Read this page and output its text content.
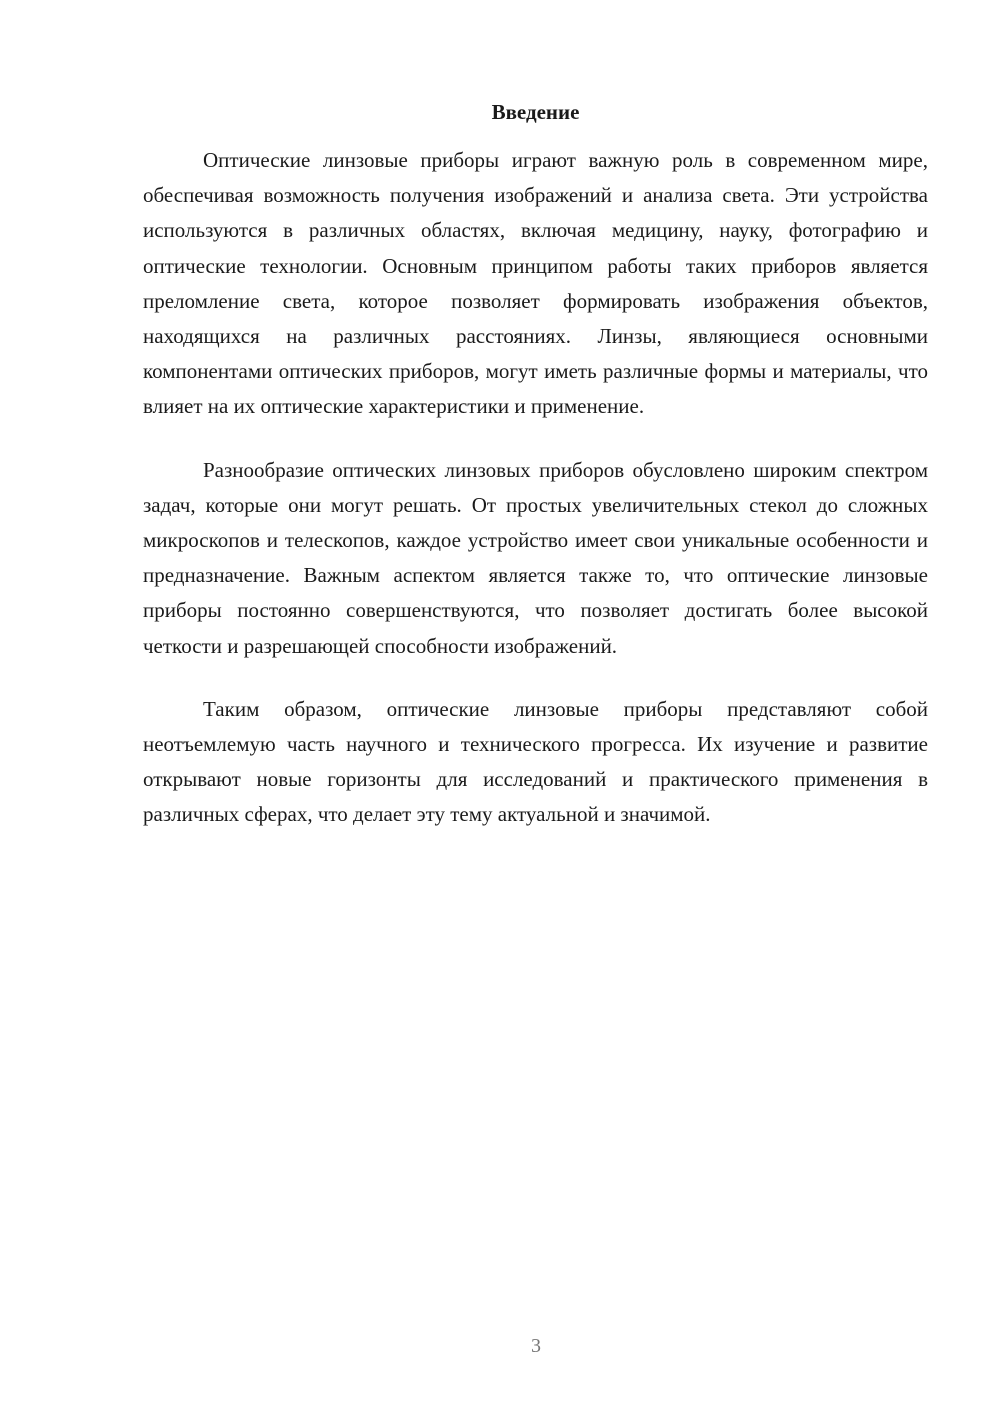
Введение

Оптические линзовые приборы играют важную роль в современном мире, обеспечивая возможность получения изображений и анализа света. Эти устройства используются в различных областях, включая медицину, науку, фотографию и оптические технологии. Основным принципом работы таких приборов является преломление света, которое позволяет формировать изображения объектов, находящихся на различных расстояниях. Линзы, являющиеся основными компонентами оптических приборов, могут иметь различные формы и материалы, что влияет на их оптические характеристики и применение.

Разнообразие оптических линзовых приборов обусловлено широким спектром задач, которые они могут решать. От простых увеличительных стекол до сложных микроскопов и телескопов, каждое устройство имеет свои уникальные особенности и предназначение. Важным аспектом является также то, что оптические линзовые приборы постоянно совершенствуются, что позволяет достигать более высокой четкости и разрешающей способности изображений.

Таким образом, оптические линзовые приборы представляют собой неотъемлемую часть научного и технического прогресса. Их изучение и развитие открывают новые горизонты для исследований и практического применения в различных сферах, что делает эту тему актуальной и значимой.

3
